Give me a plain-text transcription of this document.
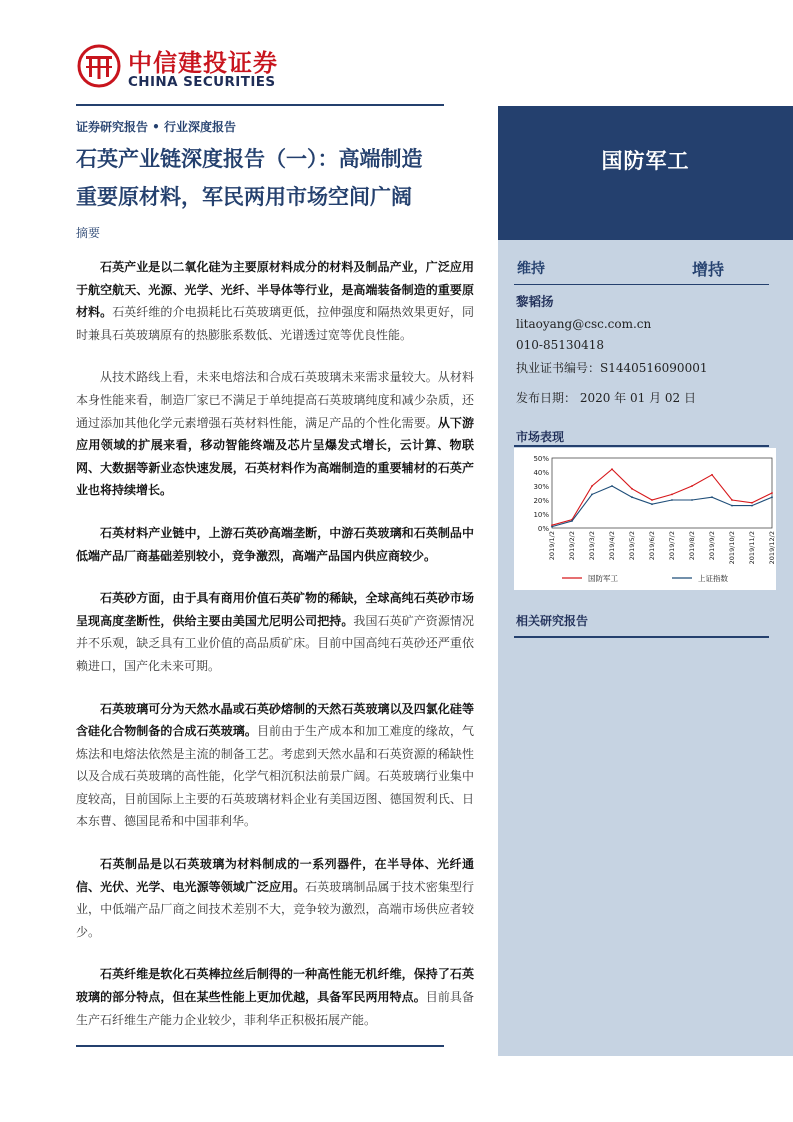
国防军工
中信建投证券
CHINA SECURITIES
证券研究报告 • 行业深度报告
石英产业链深度报告（一）：高端制造
重要原材料，军民两用市场空间广阔
摘要

石英产业是以二氧化硅为主要原材料成分的材料及制品产业，广泛应用于航空航天、光源、光学、光纤、半导体等行业，是高端装备制造的重要原材料。石英纤维的介电损耗比石英玻璃更低，拉伸强度和隔热效果更好，同时兼具石英玻璃原有的热膨胀系数低、光谱透过宽等优良性能。

从技术路线上看，未来电熔法和合成石英玻璃未来需求量较大。从材料本身性能来看，制造厂家已不满足于单纯提高石英玻璃纯度和减少杂质，还通过添加其他化学元素增强石英材料性能，满足产品的个性化需要。从下游应用领域的扩展来看，移动智能终端及芯片呈爆发式增长，云计算、物联网、大数据等新业态快速发展，石英材料作为高端制造的重要辅材的石英产业也将持续增长。

石英材料产业链中，上游石英砂高端垄断，中游石英玻璃和石英制品中低端产品厂商基础差别较小，竞争激烈，高端产品国内供应商较少。

石英砂方面，由于具有商用价值石英矿物的稀缺，全球高纯石英砂市场呈现高度垄断性，供给主要由美国尤尼明公司把持。我国石英矿产资源情况并不乐观，缺乏具有工业价值的高品质矿床。目前中国高纯石英砂还严重依赖进口，国产化未来可期。

石英玻璃可分为天然水晶或石英砂熔制的天然石英玻璃以及四氯化硅等含硅化合物制备的合成石英玻璃。目前由于生产成本和加工难度的缘故，气炼法和电熔法依然是主流的制备工艺。考虑到天然水晶和石英资源的稀缺性以及合成石英玻璃的高性能，化学气相沉积法前景广阔。石英玻璃行业集中度较高，目前国际上主要的石英玻璃材料企业有美国迈图、德国贺利氏、日本东曹、德国昆希和中国菲利华。

石英制品是以石英玻璃为材料制成的一系列器件，在半导体、光纤通信、光伏、光学、电光源等领域广泛应用。石英玻璃制品属于技术密集型行业，中低端产品厂商之间技术差别不大，竞争较为激烈，高端市场供应者较少。

石英纤维是软化石英棒拉丝后制得的一种高性能无机纤维，保持了石英玻璃的部分特点，但在某些性能上更加优越，具备军民两用特点。目前具备生产石纤维生产能力企业较少，菲利华正积极拓展产能。

维持	增持
黎韬扬
litaoyang@csc.com.cn
010-85130418
执业证书编号：S1440516090001
发布日期： 2020 年 01 月 02 日
市场表现
0%
10%
20%
30%
40%
50%
2019/1/2 2019/2/2 2019/3/2 2019/4/2 2019/5/2 2019/6/2 2019/7/2 2019/8/2 2019/9/2 2019/10/2 2019/11/2 2019/12/2
国防军工	上证指数
相关研究报告
